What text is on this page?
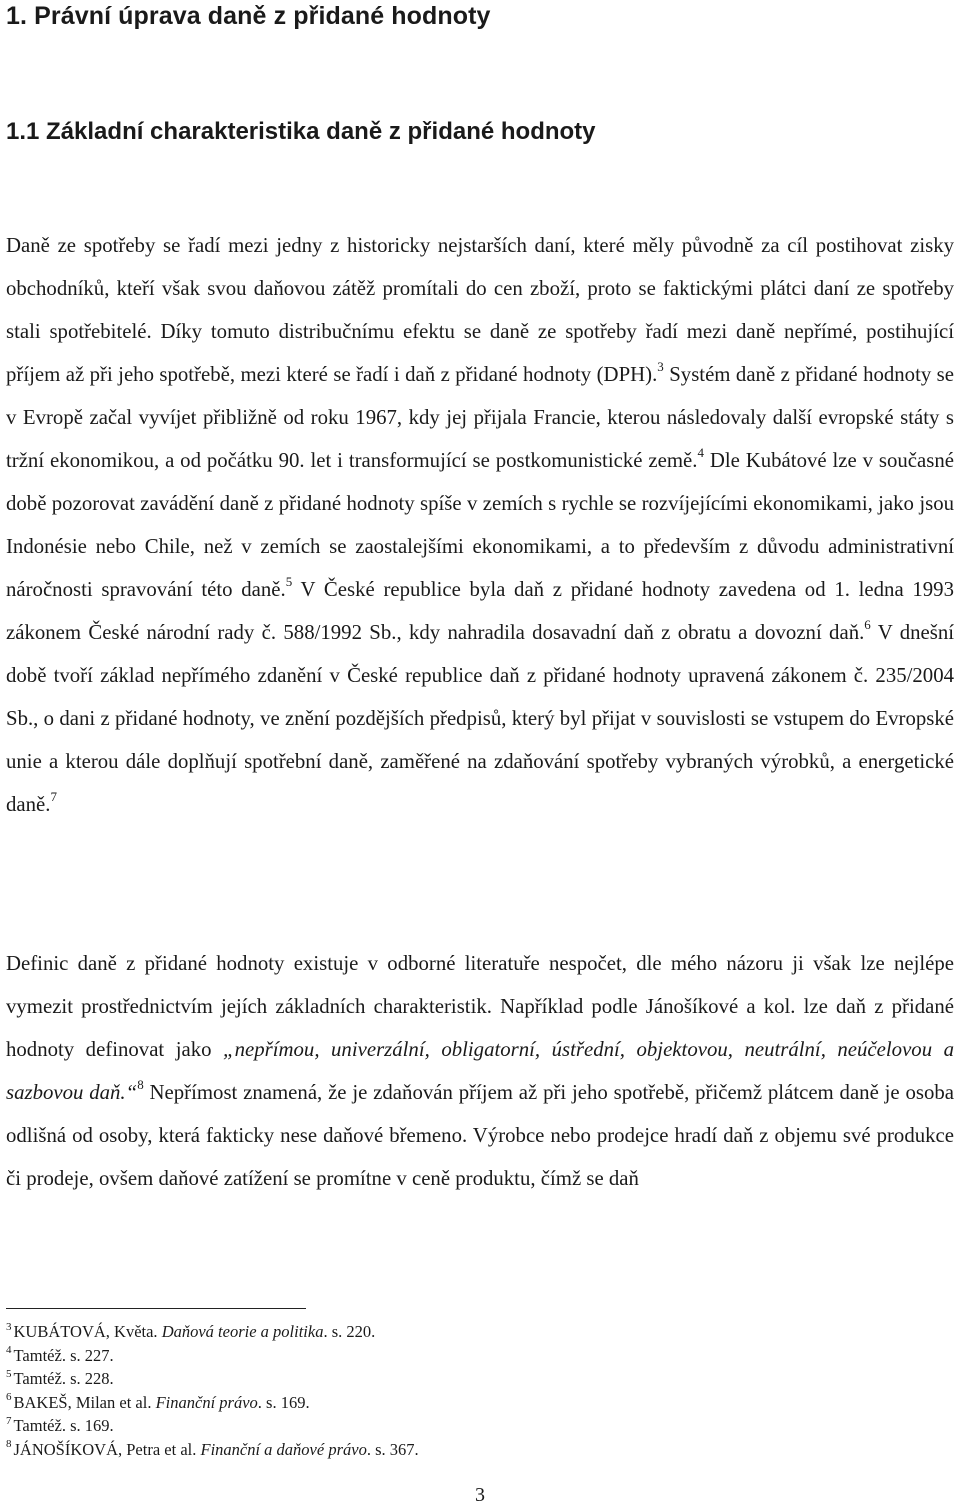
1. Právní úprava daně z přidané hodnoty
1.1 Základní charakteristika daně z přidané hodnoty

Daně ze spotřeby se řadí mezi jedny z historicky nejstarších daní, které měly původně za cíl postihovat zisky obchodníků, kteří však svou daňovou zátěž promítali do cen zboží, proto se faktickými plátci daní ze spotřeby stali spotřebitelé. Díky tomuto distribučnímu efektu se daně ze spotřeby řadí mezi daně nepřímé, postihující příjem až při jeho spotřebě, mezi které se řadí i daň z přidané hodnoty (DPH).$^3$ Systém daně z přidané hodnoty se v Evropě začal vyvíjet přibližně od roku 1967, kdy jej přijala Francie, kterou následovaly další evropské státy s tržní ekonomikou, a od počátku 90. let i transformující se postkomunistické země.$^4$ Dle Kubátové lze v současné době pozorovat zavádění daně z přidané hodnoty spíše v zemích s rychle se rozvíjejícími ekonomikami, jako jsou Indonésie nebo Chile, než v zemích se zaostalejšími ekonomikami, a to především z důvodu administrativní náročnosti spravování této daně.$^5$ V České republice byla daň z přidané hodnoty zavedena od 1. ledna 1993 zákonem České národní rady č. 588/1992 Sb., kdy nahradila dosavadní daň z obratu a dovozní daň.$^6$ V dnešní době tvoří základ nepřímého zdanění v České republice daň z přidané hodnoty upravená zákonem č. 235/2004 Sb., o dani z přidané hodnoty, ve znění pozdějších předpisů, který byl přijat v souvislosti se vstupem do Evropské unie a kterou dále doplňují spotřební daně, zaměřené na zdaňování spotřeby vybraných výrobků, a energetické daně.$^7$

Definic daně z přidané hodnoty existuje v odborné literatuře nespočet, dle mého názoru ji však lze nejlépe vymezit prostřednictvím jejích základních charakteristik. Například podle Jánošíkové a kol. lze daň z přidané hodnoty definovat jako „nepřímou, univerzální, obligatorní, ústřední, objektovou, neutrální, neúčelovou a sazbovou daň.“$^8$ Nepřímost znamená, že je zdaňován příjem až při jeho spotřebě, přičemž plátcem daně je osoba odlišná od osoby, která fakticky nese daňové břemeno. Výrobce nebo prodejce hradí daň z objemu své produkce či prodeje, ovšem daňové zatížení se promítne v ceně produktu, čímž se daň

$^3$ KUBÁTOVÁ, Květa. Daňová teorie a politika. s. 220.
$^4$ Tamtéž. s. 227.
$^5$ Tamtéž. s. 228.
$^6$ BAKEŠ, Milan et al. Finanční právo. s. 169.
$^7$ Tamtéž. s. 169.
$^8$ JÁNOŠÍKOVÁ, Petra et al. Finanční a daňové právo. s. 367.
3
